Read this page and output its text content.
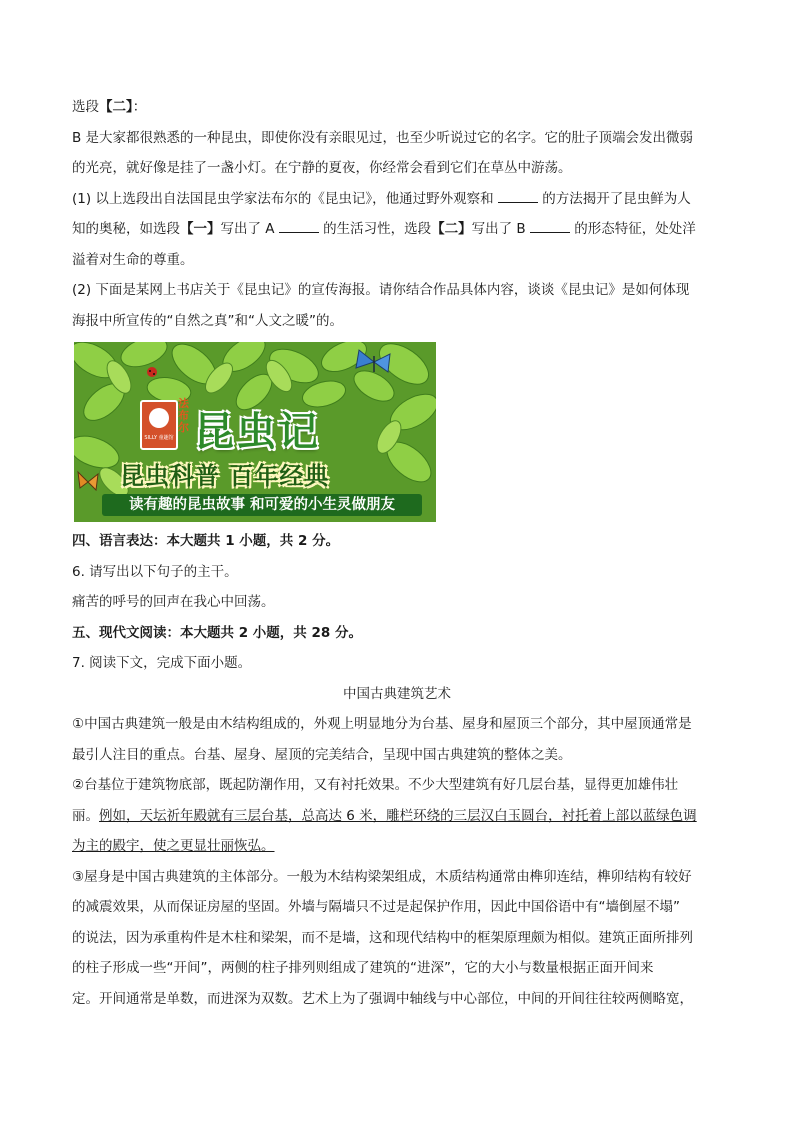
选段【二】：

B 是大家都很熟悉的一种昆虫，即使你没有亲眼见过，也至少听说过它的名字。它的肚子顶端会发出微弱

的光亮，就好像是挂了一盏小灯。在宁静的夏夜，你经常会看到它们在草丛中游荡。

(1) 以上选段出自法国昆虫学家法布尔的《昆虫记》，他通过野外观察和	的方法揭开了昆虫鲜为人

知的奥秘，如选段【一】写出了 A	的生活习性，选段【二】写出了 B	的形态特征，处处洋

溢着对生命的尊重。

(2) 下面是某网上书店关于《昆虫记》的宣传海报。请你结合作品具体内容，谈谈《昆虫记》是如何体现

海报中所宣传的“自然之真”和“人文之暖”的。

SILLY 童趣馆
法布尔 昆虫记
昆虫科普 百年经典
读有趣的昆虫故事 和可爱的小生灵做朋友

四、语言表达：本大题共 1 小题，共 2 分。

6. 请写出以下句子的主干。

痛苦的呼号的回声在我心中回荡。

五、现代文阅读：本大题共 2 小题，共 28 分。

7. 阅读下文，完成下面小题。

中国古典建筑艺术

①中国古典建筑一般是由木结构组成的，外观上明显地分为台基、屋身和屋顶三个部分，其中屋顶通常是

最引人注目的重点。台基、屋身、屋顶的完美结合，呈现中国古典建筑的整体之美。

②台基位于建筑物底部，既起防潮作用，又有衬托效果。不少大型建筑有好几层台基，显得更加雄伟壮

丽。例如，天坛祈年殿就有三层台基，总高达 6 米，雕栏环绕的三层汉白玉圆台，衬托着上部以蓝绿色调

为主的殿宇，使之更显壮丽恢弘。

③屋身是中国古典建筑的主体部分。一般为木结构梁架组成，木质结构通常由榫卯连结，榫卯结构有较好

的减震效果，从而保证房屋的坚固。外墙与隔墙只不过是起保护作用，因此中国俗语中有“墙倒屋不塌”

的说法，因为承重构件是木柱和梁架，而不是墙，这和现代结构中的框架原理颇为相似。建筑正面所排列

的柱子形成一些“开间”，两侧的柱子排列则组成了建筑的“进深”，它的大小与数量根据正面开间来

定。开间通常是单数，而进深为双数。艺术上为了强调中轴线与中心部位，中间的开间往往较两侧略宽，
